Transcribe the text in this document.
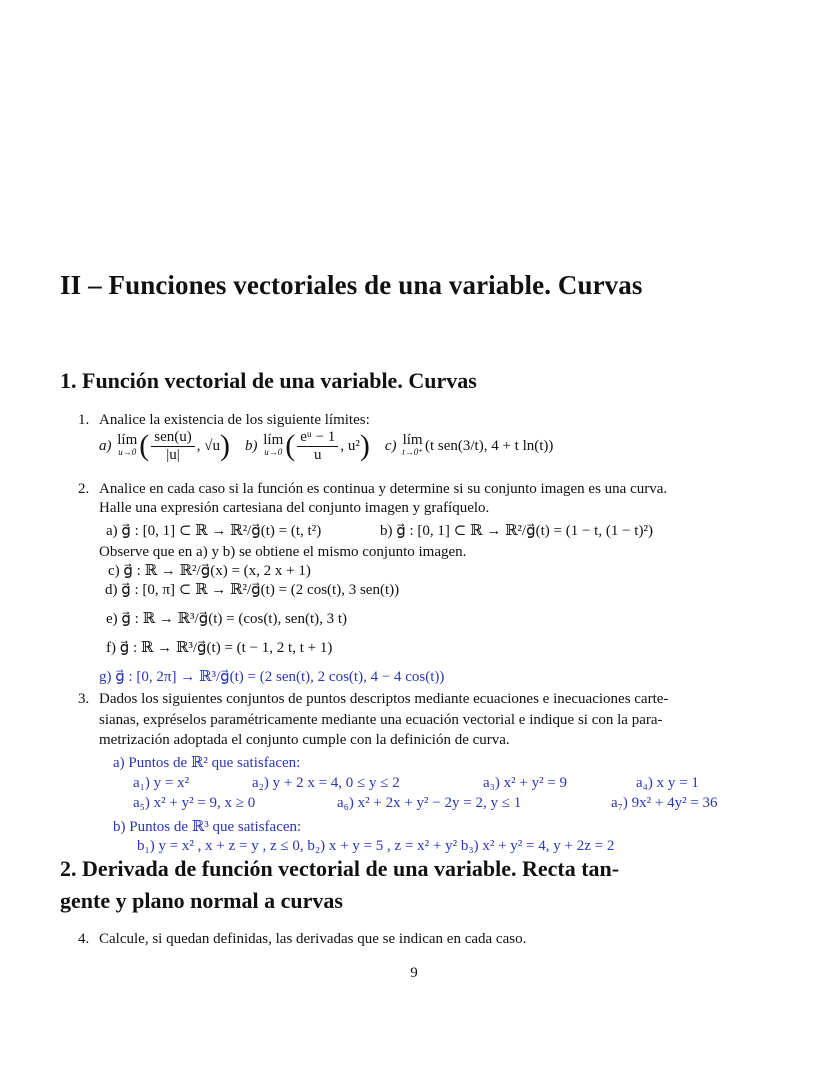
II – Funciones vectoriales de una variable. Curvas
1. Función vectorial de una variable. Curvas
1. Analice la existencia de los siguiente límites:
a)
lím
u→0 ( $\frac{\text{sen(u)}}{|u|}$ , √u )
b)
lím
u→0 ( $\frac{\text{eᵘ − 1}}{u}$ , u² )
c)
lím
t→0⁺ (t sen(3/t), 4 + t ln(t))
2. Analice en cada caso si la función es continua y determine si su conjunto imagen es una curva.
Halle una expresión cartesiana del conjunto imagen y grafíquelo.
a) g⃗ : [0, 1] ⊂ ℝ → ℝ²/g⃗(t) = (t, t²)	b) g⃗ : [0, 1] ⊂ ℝ → ℝ²/g⃗(t) = (1 − t, (1 − t)²)
Observe que en a) y b) se obtiene el mismo conjunto imagen.
c) g⃗ : ℝ → ℝ²/g⃗(x) = (x, 2 x + 1)
d) g⃗ : [0, π] ⊂ ℝ → ℝ²/g⃗(t) = (2 cos(t), 3 sen(t))
e) g⃗ : ℝ → ℝ³/g⃗(t) = (cos(t), sen(t), 3 t)
f) g⃗ : ℝ → ℝ³/g⃗(t) = (t − 1, 2 t, t + 1)
g) g⃗ : [0, 2π] → ℝ³/g⃗(t) = (2 sen(t), 2 cos(t), 4 − 4 cos(t))
3. Dados los siguientes conjuntos de puntos descriptos mediante ecuaciones e inecuaciones carte-
sianas, expréselos paramétricamente mediante una ecuación vectorial e indique si con la para-
metrización adoptada el conjunto cumple con la definición de curva.
a) Puntos de ℝ² que satisfacen:
a₁) y = x²	a₂) y + 2 x = 4, 0 ≤ y ≤ 2	a₃) x² + y² = 9	a₄) x y = 1
a₅) x² + y² = 9, x ≥ 0	a₆) x² + 2x + y² − 2y = 2, y ≤ 1	a₇) 9x² + 4y² = 36
b) Puntos de ℝ³ que satisfacen:
b₁) y = x² , x + z = y , z ≤ 0, b₂) x + y = 5 , z = x² + y² b₃) x² + y² = 4, y + 2z = 2
2. Derivada de función vectorial de una variable. Recta tan-
gente y plano normal a curvas
4. Calcule, si quedan definidas, las derivadas que se indican en cada caso.
9
